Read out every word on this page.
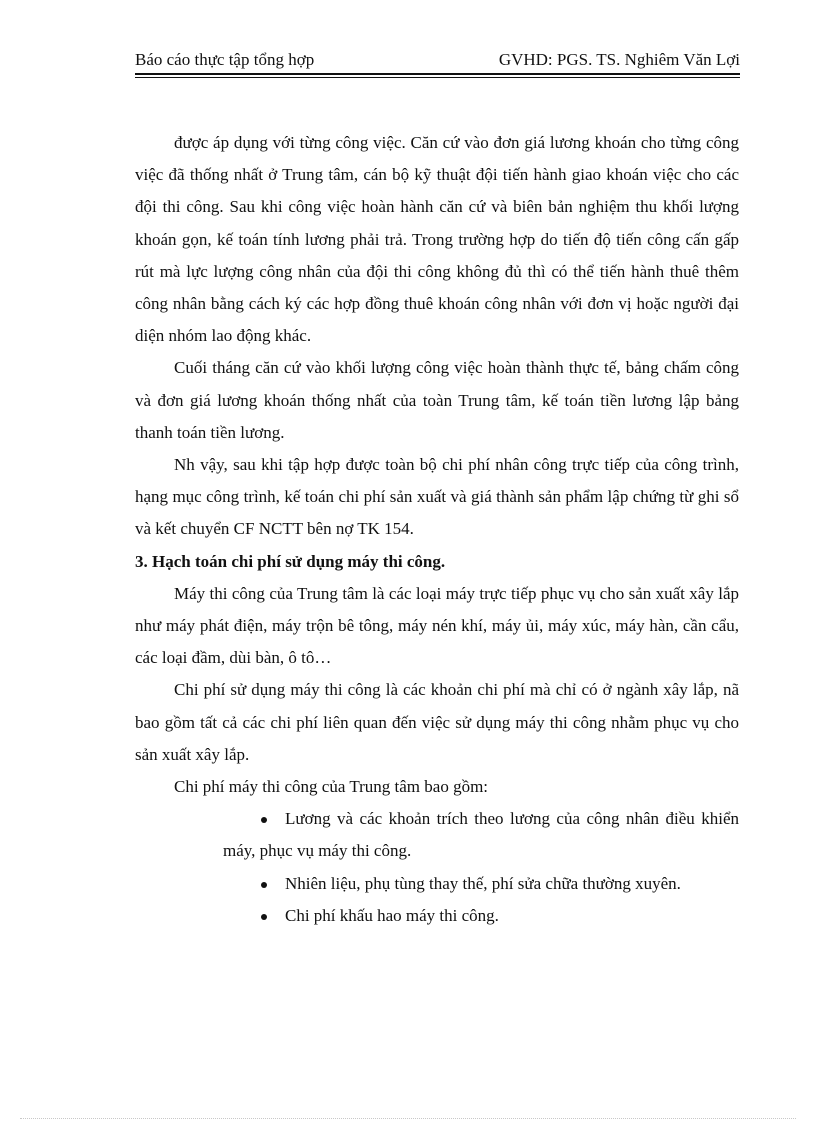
Báo cáo thực tập tổng hợp	GVHD: PGS. TS. Nghiêm Văn Lợi

được áp dụng với từng công việc. Căn cứ vào đơn giá lương khoán cho từng công việc đã thống nhất ở Trung tâm, cán bộ kỹ thuật đội tiến hành giao khoán việc cho các đội thi công. Sau khi công việc hoàn hành căn cứ và biên bản nghiệm thu khối lượng khoán gọn, kế toán tính lương phải trả. Trong trường hợp do tiến độ tiến công cấn gấp rút mà lực lượng công nhân của đội thi công không đủ thì có thể tiến hành thuê thêm công nhân bằng cách ký các hợp đồng thuê khoán công nhân với đơn vị hoặc người đại diện nhóm lao động khác.

Cuối tháng căn cứ vào khối lượng công việc hoàn thành thực tế, bảng chấm công và đơn giá lương khoán thống nhất của toàn Trung tâm, kế toán tiền lương lập bảng thanh toán tiền lương.

Nh vậy, sau khi tập hợp được toàn bộ chi phí nhân công trực tiếp của công trình, hạng mục công trình, kế toán chi phí sản xuất và giá thành sản phẩm lập chứng từ ghi sổ và kết chuyển CF NCTT bên nợ TK 154.

3. Hạch toán chi phí sử dụng máy thi công.

Máy thi công của Trung tâm là các loại máy trực tiếp phục vụ cho sản xuất xây lắp như máy phát điện, máy trộn bê tông, máy nén khí, máy ủi, máy xúc, máy hàn, cần cẩu, các loại đầm, dùi bàn, ô tô…

Chi phí sử dụng máy thi công là các khoản chi phí mà chỉ có ở ngành xây lắp, nã bao gồm tất cả các chi phí liên quan đến việc sử dụng máy thi công nhằm phục vụ cho sản xuất xây lắp.

Chi phí máy thi công của Trung tâm bao gồm:

Lương và các khoản trích theo lương của công nhân điều khiển máy, phục vụ máy thi công.
Nhiên liệu, phụ tùng thay thế, phí sửa chữa thường xuyên.
Chi phí khấu hao máy thi công.
